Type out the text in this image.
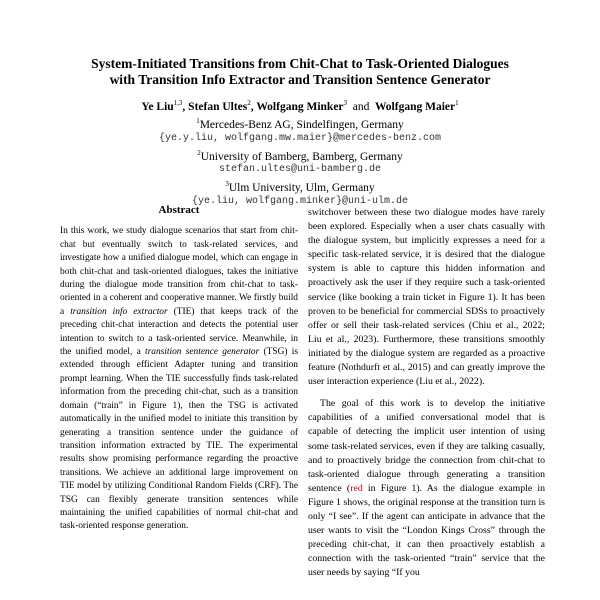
System-Initiated Transitions from Chit-Chat to Task-Oriented Dialogues
with Transition Info Extractor and Transition Sentence Generator
Ye Liu$^{1,3}$, Stefan Ultes$^2$, Wolfgang Minker$^3$ and Wolfgang Maier$^1$
$^1$Mercedes-Benz AG, Sindelfingen, Germany
{ye.y.liu, wolfgang.mw.maier}@mercedes-benz.com
$^2$University of Bamberg, Bamberg, Germany
stefan.ultes@uni-bamberg.de
$^3$Ulm University, Ulm, Germany
{ye.liu, wolfgang.minker}@uni-ulm.de
Abstract

In this work, we study dialogue scenarios that start from chit-chat but eventually switch to task-related services, and investigate how a unified dialogue model, which can engage in both chit-chat and task-oriented dialogues, takes the initiative during the dialogue mode transition from chit-chat to task-oriented in a coherent and cooperative manner. We firstly build a transition info extractor (TIE) that keeps track of the preceding chit-chat interaction and detects the potential user intention to switch to a task-oriented service. Meanwhile, in the unified model, a transition sentence generator (TSG) is extended through efficient Adapter tuning and transition prompt learning. When the TIE successfully finds task-related information from the preceding chit-chat, such as a transition domain (“train” in Figure 1), then the TSG is activated automatically in the unified model to initiate this transition by generating a transition sentence under the guidance of transition information extracted by TIE. The experimental results show promising performance regarding the proactive transitions. We achieve an additional large improvement on TIE model by utilizing Conditional Random Fields (CRF). The TSG can flexibly generate transition sentences while maintaining the unified capabilities of normal chit-chat and task-oriented response generation.

switchover between these two dialogue modes have rarely been explored. Especially when a user chats casually with the dialogue system, but implicitly expresses a need for a specific task-related service, it is desired that the dialogue system is able to capture this hidden information and proactively ask the user if they require such a task-oriented service (like booking a train ticket in Figure 1). It has been proven to be beneficial for commercial SDSs to proactively offer or sell their task-related services (Chiu et al., 2022; Liu et al., 2023). Furthermore, these transitions smoothly initiated by the dialogue system are regarded as a proactive feature (Nothdurft et al., 2015) and can greatly improve the user interaction experience (Liu et al., 2022).

The goal of this work is to develop the initiative capabilities of a unified conversational model that is capable of detecting the implicit user intention of using some task-related services, even if they are talking casually, and to proactively bridge the connection from chit-chat to task-oriented dialogue through generating a transition sentence (red in Figure 1). As the dialogue example in Figure 1 shows, the original response at the transition turn is only “I see”. If the agent can anticipate in advance that the user wants to visit the “London Kings Cross” through the preceding chit-chat, it can then proactively establish a connection with the task-oriented “train” service that the user needs by saying “If you
